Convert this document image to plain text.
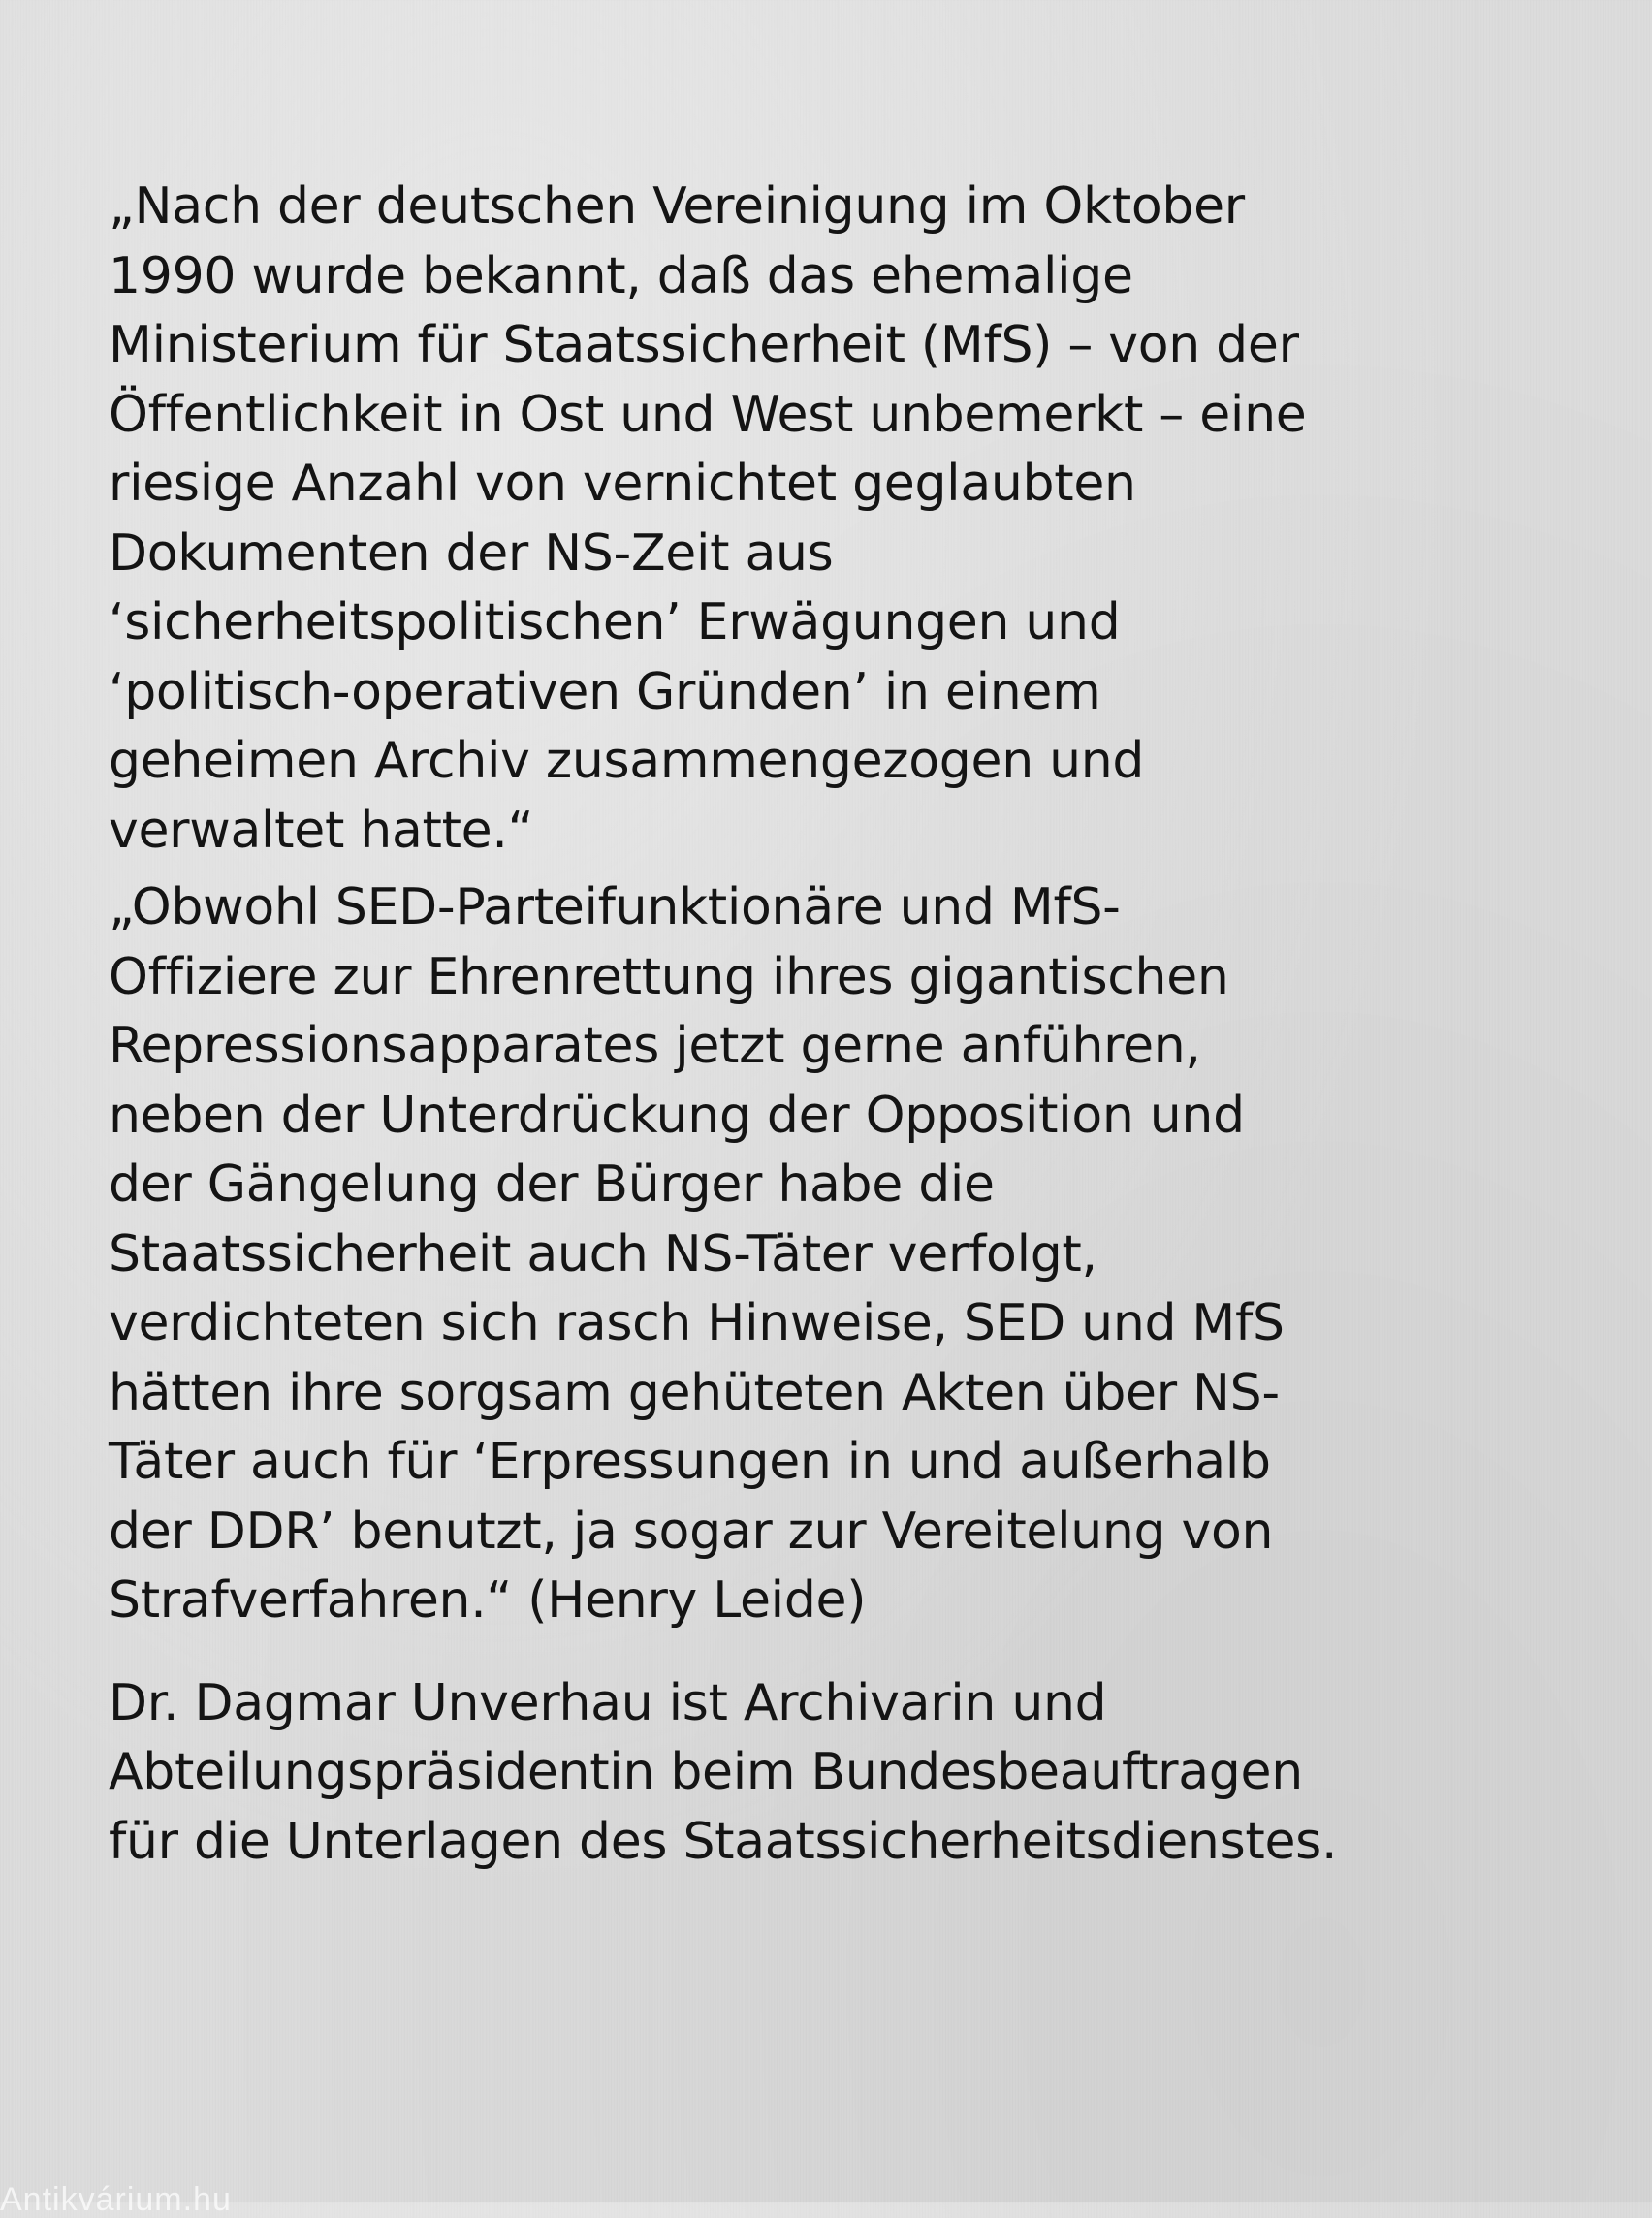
„Nach der deutschen Vereinigung im Oktober
1990 wurde bekannt, daß das ehemalige
Ministerium für Staatssicherheit (MfS) – von der
Öffentlichkeit in Ost und West unbemerkt – eine
riesige Anzahl von vernichtet geglaubten
Dokumenten der NS-Zeit aus
‘sicherheitspolitischen’ Erwägungen und
‘politisch-operativen Gründen’ in einem
geheimen Archiv zusammengezogen und
verwaltet hatte.“

„Obwohl SED-Parteifunktionäre und MfS-
Offiziere zur Ehrenrettung ihres gigantischen
Repressionsapparates jetzt gerne anführen,
neben der Unterdrückung der Opposition und
der Gängelung der Bürger habe die
Staatssicherheit auch NS-Täter verfolgt,
verdichteten sich rasch Hinweise, SED und MfS
hätten ihre sorgsam gehüteten Akten über NS-
Täter auch für ‘Erpressungen in und außerhalb
der DDR’ benutzt, ja sogar zur Vereitelung von
Strafverfahren.“ (Henry Leide)

Dr. Dagmar Unverhau ist Archivarin und
Abteilungspräsidentin beim Bundesbeauftragen
für die Unterlagen des Staatssicherheitsdienstes.

Antikvárium.hu
